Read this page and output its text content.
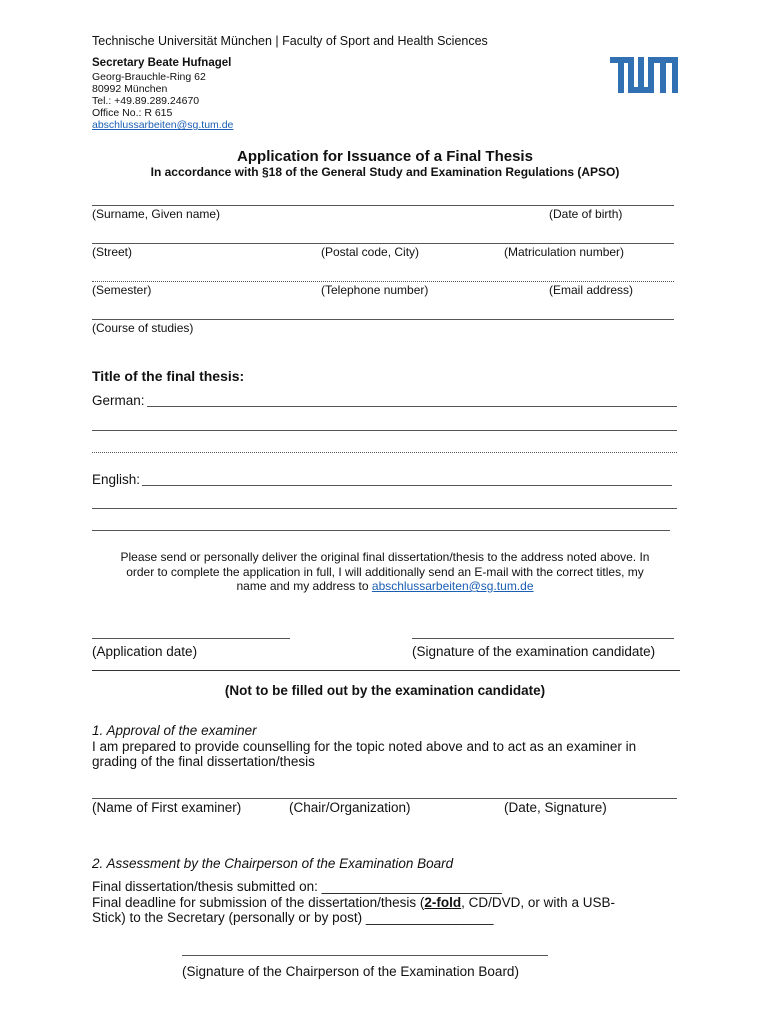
Technische Universität München | Faculty of Sport and Health Sciences
Secretary Beate Hufnagel
Georg-Brauchle-Ring 62
80992 München
Tel.: +49.89.289.24670
Office No.: R 615
abschlussarbeiten@sg.tum.de
Application for Issuance of a Final Thesis
In accordance with §18 of the General Study and Examination Regulations (APSO)
(Surname, Given name)	(Date of birth)
(Street)	(Postal code, City)	(Matriculation number)
(Semester)	(Telephone number)	(Email address)
(Course of studies)
Title of the final thesis:
German:
English:
Please send or personally deliver the original final dissertation/thesis to the address noted above. In
order to complete the application in full, I will additionally send an E-mail with the correct titles, my
name and my address to abschlussarbeiten@sg.tum.de
(Application date)	(Signature of the examination candidate)
(Not to be filled out by the examination candidate)
1. Approval of the examiner
I am prepared to provide counselling for the topic noted above and to act as an examiner in
grading of the final dissertation/thesis
(Name of First examiner)	(Chair/Organization)	(Date, Signature)
2. Assessment by the Chairperson of the Examination Board
Final dissertation/thesis submitted on: ________________________
Final deadline for submission of the dissertation/thesis (2-fold, CD/DVD, or with a USB-
Stick) to the Secretary (personally or by post) _________________
(Signature of the Chairperson of the Examination Board)
